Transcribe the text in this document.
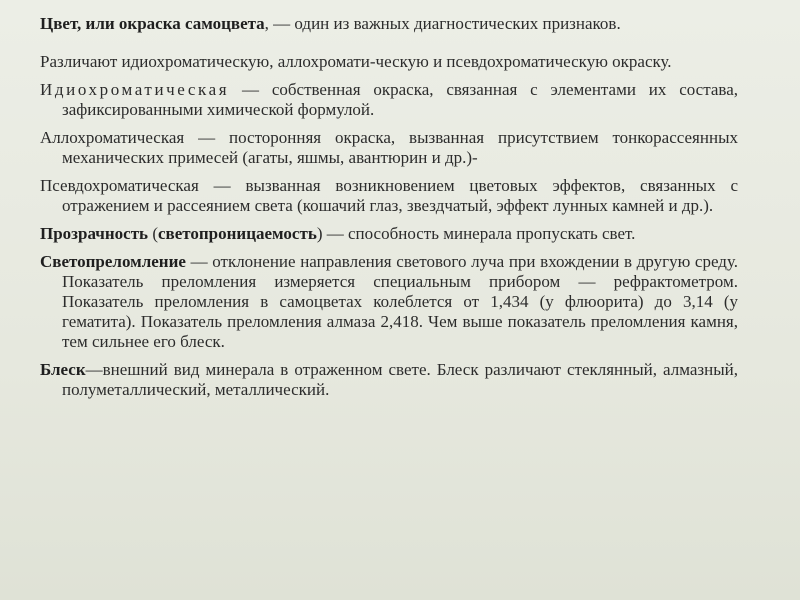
Цвет, или окраска самоцвета, — один из важных диагностических признаков.

Различают идиохроматическую, аллохромати-ческую и псевдохроматическую окраску.

Идиохроматическая — собственная окраска, связанная с элементами их состава, зафиксированными химической формулой.

Аллохроматическая — посторонняя окраска, вызванная присутствием тонкорассеянных механических примесей (агаты, яшмы, авантюрин и др.)-

Псевдохроматическая — вызванная возникновением цветовых эффектов, связанных с отражением и рассеянием света (кошачий глаз, звездчатый, эффект лунных камней и др.).

Прозрачность (светопроницаемость) — способность минерала пропускать свет.

Светопреломление — отклонение направления светового луча при вхождении в другую среду. Показатель преломления измеряется специальным прибором — рефрактометром. Показатель преломления в самоцветах колеблется от 1,434 (у флюорита) до 3,14 (у гематита). Показатель преломления алмаза 2,418. Чем выше показатель преломления камня, тем сильнее его блеск.

Блеск—внешний вид минерала в отраженном свете. Блеск различают стеклянный, алмазный, полуметаллический, металлический.
